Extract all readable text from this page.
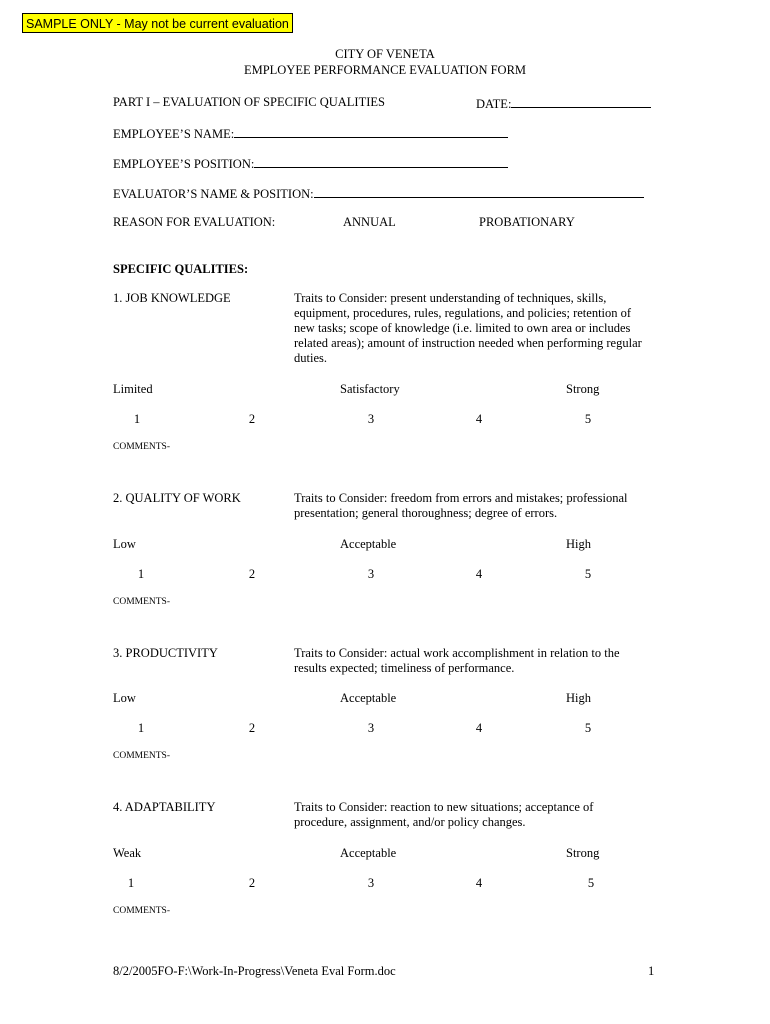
SAMPLE ONLY - May not be current evaluation
CITY OF VENETA
EMPLOYEE PERFORMANCE EVALUATION FORM
PART I – EVALUATION OF SPECIFIC QUALITIES	DATE:
EMPLOYEE’S NAME:
EMPLOYEE’S POSITION:
EVALUATOR’S NAME & POSITION:
REASON FOR EVALUATION:	ANNUAL	PROBATIONARY
SPECIFIC QUALITIES:
1. JOB KNOWLEDGE	Traits to Consider: present understanding of techniques, skills,
equipment, procedures, rules, regulations, and policies; retention of
new tasks; scope of knowledge (i.e. limited to own area or includes
related areas); amount of instruction needed when performing regular
duties.
Limited	Satisfactory	Strong
1	2	3	4	5
COMMENTS-
2. QUALITY OF WORK	Traits to Consider: freedom from errors and mistakes; professional
presentation; general thoroughness; degree of errors.
Low	Acceptable	High
1	2	3	4	5
COMMENTS-
3. PRODUCTIVITY	Traits to Consider: actual work accomplishment in relation to the
results expected; timeliness of performance.
Low	Acceptable	High
1	2	3	4	5
COMMENTS-
4. ADAPTABILITY	Traits to Consider: reaction to new situations; acceptance of
procedure, assignment, and/or policy changes.
Weak	Acceptable	Strong
1	2	3	4	5
COMMENTS-
8/2/2005FO-F:\Work-In-Progress\Veneta Eval Form.doc	1
